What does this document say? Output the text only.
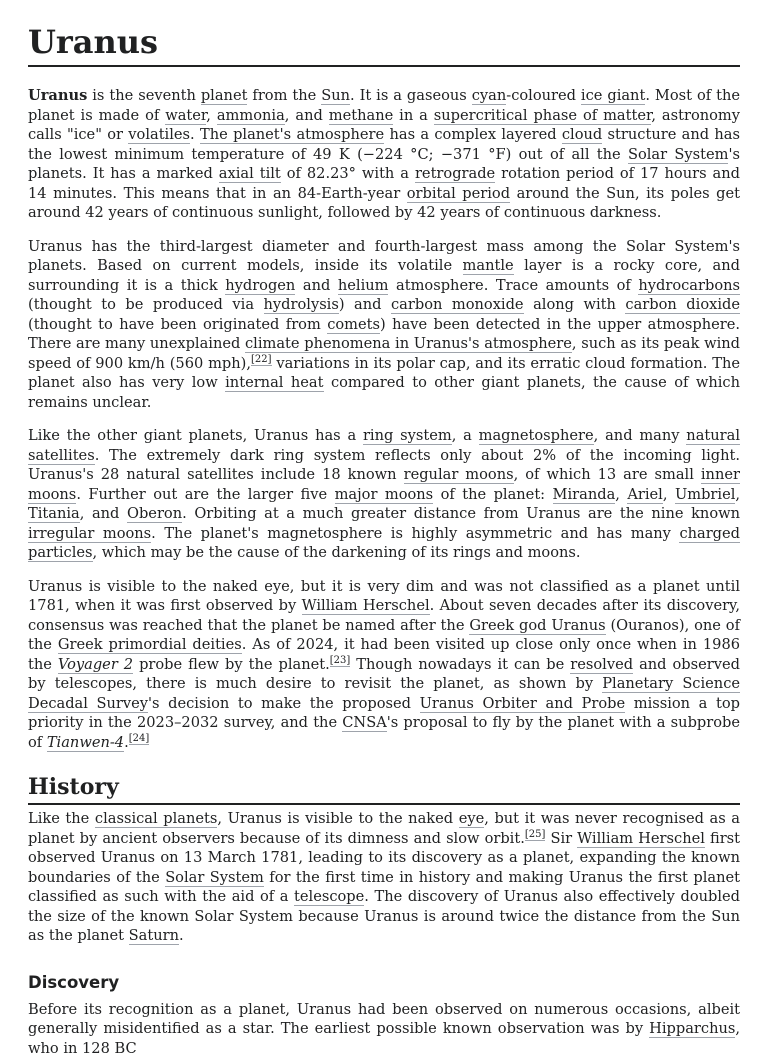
Uranus

Uranus is the seventh planet from the Sun. It is a gaseous cyan-coloured ice giant. Most of the planet is made of water, ammonia, and methane in a supercritical phase of matter, astronomy calls "ice" or volatiles. The planet's atmosphere has a complex layered cloud structure and has the lowest minimum temperature of 49 K (−224 °C; −371 °F) out of all the Solar System's planets. It has a marked axial tilt of 82.23° with a retrograde rotation period of 17 hours and 14 minutes. This means that in an 84-Earth-year orbital period around the Sun, its poles get around 42 years of continuous sunlight, followed by 42 years of continuous darkness.

Uranus has the third-largest diameter and fourth-largest mass among the Solar System's planets. Based on current models, inside its volatile mantle layer is a rocky core, and surrounding it is a thick hydrogen and helium atmosphere. Trace amounts of hydrocarbons (thought to be produced via hydrolysis) and carbon monoxide along with carbon dioxide (thought to have been originated from comets) have been detected in the upper atmosphere. There are many unexplained climate phenomena in Uranus's atmosphere, such as its peak wind speed of 900 km/h (560 mph),[22] variations in its polar cap, and its erratic cloud formation. The planet also has very low internal heat compared to other giant planets, the cause of which remains unclear.

Like the other giant planets, Uranus has a ring system, a magnetosphere, and many natural satellites. The extremely dark ring system reflects only about 2% of the incoming light. Uranus's 28 natural satellites include 18 known regular moons, of which 13 are small inner moons. Further out are the larger five major moons of the planet: Miranda, Ariel, Umbriel, Titania, and Oberon. Orbiting at a much greater distance from Uranus are the nine known irregular moons. The planet's magnetosphere is highly asymmetric and has many charged particles, which may be the cause of the darkening of its rings and moons.

Uranus is visible to the naked eye, but it is very dim and was not classified as a planet until 1781, when it was first observed by William Herschel. About seven decades after its discovery, consensus was reached that the planet be named after the Greek god Uranus (Ouranos), one of the Greek primordial deities. As of 2024, it had been visited up close only once when in 1986 the Voyager 2 probe flew by the planet.[23] Though nowadays it can be resolved and observed by telescopes, there is much desire to revisit the planet, as shown by Planetary Science Decadal Survey's decision to make the proposed Uranus Orbiter and Probe mission a top priority in the 2023–2032 survey, and the CNSA's proposal to fly by the planet with a subprobe of Tianwen-4.[24]

History

Like the classical planets, Uranus is visible to the naked eye, but it was never recognised as a planet by ancient observers because of its dimness and slow orbit.[25] Sir William Herschel first observed Uranus on 13 March 1781, leading to its discovery as a planet, expanding the known boundaries of the Solar System for the first time in history and making Uranus the first planet classified as such with the aid of a telescope. The discovery of Uranus also effectively doubled the size of the known Solar System because Uranus is around twice the distance from the Sun as the planet Saturn.

Discovery

Before its recognition as a planet, Uranus had been observed on numerous occasions, albeit generally misidentified as a star. The earliest possible known observation was by Hipparchus, who in 128 BC
